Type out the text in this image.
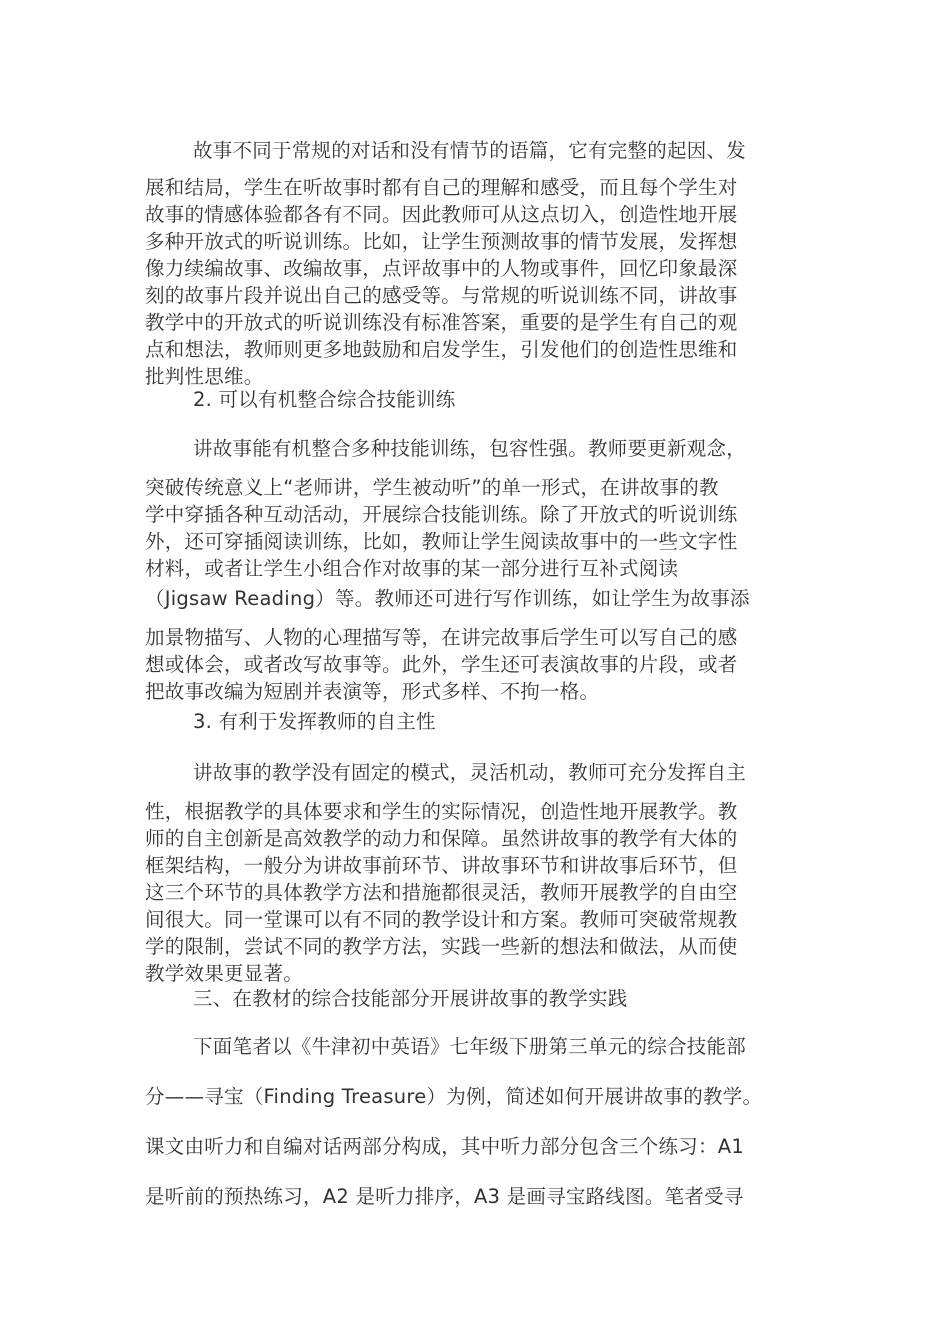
故事不同于常规的对话和没有情节的语篇，它有完整的起因、发

展和结局，学生在听故事时都有自己的理解和感受，而且每个学生对

故事的情感体验都各有不同。因此教师可从这点切入，创造性地开展

多种开放式的听说训练。比如，让学生预测故事的情节发展，发挥想

像力续编故事、改编故事，点评故事中的人物或事件，回忆印象最深

刻的故事片段并说出自己的感受等。与常规的听说训练不同，讲故事

教学中的开放式的听说训练没有标准答案，重要的是学生有自己的观

点和想法，教师则更多地鼓励和启发学生，引发他们的创造性思维和

批判性思维。

2. 可以有机整合综合技能训练

讲故事能有机整合多种技能训练，包容性强。教师要更新观念，

突破传统意义上“老师讲，学生被动听”的单一形式，在讲故事的教

学中穿插各种互动活动，开展综合技能训练。除了开放式的听说训练

外，还可穿插阅读训练，比如，教师让学生阅读故事中的一些文字性

材料，或者让学生小组合作对故事的某一部分进行互补式阅读

（Jigsaw Reading）等。教师还可进行写作训练，如让学生为故事添

加景物描写、人物的心理描写等，在讲完故事后学生可以写自己的感

想或体会，或者改写故事等。此外，学生还可表演故事的片段，或者

把故事改编为短剧并表演等，形式多样、不拘一格。

3. 有利于发挥教师的自主性

讲故事的教学没有固定的模式，灵活机动，教师可充分发挥自主

性，根据教学的具体要求和学生的实际情况，创造性地开展教学。教

师的自主创新是高效教学的动力和保障。虽然讲故事的教学有大体的

框架结构，一般分为讲故事前环节、讲故事环节和讲故事后环节，但

这三个环节的具体教学方法和措施都很灵活，教师开展教学的自由空

间很大。同一堂课可以有不同的教学设计和方案。教师可突破常规教

学的限制，尝试不同的教学方法，实践一些新的想法和做法，从而使

教学效果更显著。

三、在教材的综合技能部分开展讲故事的教学实践

下面笔者以《牛津初中英语》七年级下册第三单元的综合技能部

分——寻宝（Finding Treasure）为例，简述如何开展讲故事的教学。

课文由听力和自编对话两部分构成，其中听力部分包含三个练习：A1

是听前的预热练习，A2 是听力排序，A3 是画寻宝路线图。笔者受寻
